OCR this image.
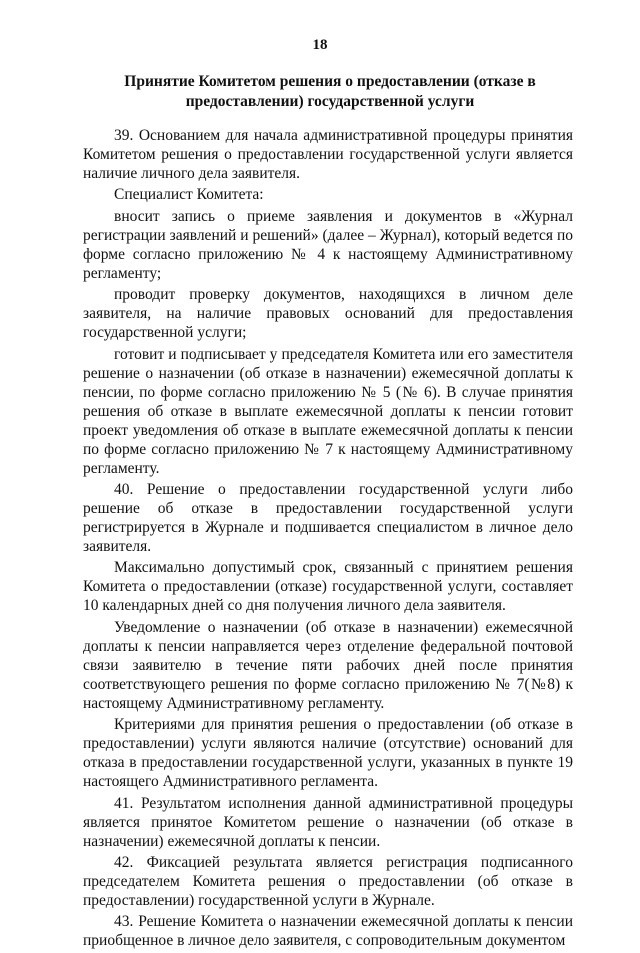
18
Принятие Комитетом решения о предоставлении (отказе в предоставлении) государственной услуги

39. Основанием для начала административной процедуры принятия Комитетом решения о предоставлении государственной услуги является наличие личного дела заявителя.

Специалист Комитета:

вносит запись о приеме заявления и документов в «Журнал регистрации заявлений и решений» (далее – Журнал), который ведется по форме согласно приложению № 4 к настоящему Административному регламенту;

проводит проверку документов, находящихся в личном деле заявителя, на наличие правовых оснований для предоставления государственной услуги;

готовит и подписывает у председателя Комитета или его заместителя решение о назначении (об отказе в назначении) ежемесячной доплаты к пенсии, по форме согласно приложению № 5 (№ 6). В случае принятия решения об отказе в выплате ежемесячной доплаты к пенсии готовит проект уведомления об отказе в выплате ежемесячной доплаты к пенсии по форме согласно приложению № 7 к настоящему Административному регламенту.

40. Решение о предоставлении государственной услуги либо решение об отказе в предоставлении государственной услуги регистрируется в Журнале и подшивается специалистом в личное дело заявителя.

Максимально допустимый срок, связанный с принятием решения Комитета о предоставлении (отказе) государственной услуги, составляет 10 календарных дней со дня получения личного дела заявителя.

Уведомление о назначении (об отказе в назначении) ежемесячной доплаты к пенсии направляется через отделение федеральной почтовой связи заявителю в течение пяти рабочих дней после принятия соответствующего решения по форме согласно приложению № 7(№8) к настоящему Административному регламенту.

Критериями для принятия решения о предоставлении (об отказе в предоставлении) услуги являются наличие (отсутствие) оснований для отказа в предоставлении государственной услуги, указанных в пункте 19 настоящего Административного регламента.

41. Результатом исполнения данной административной процедуры является принятое Комитетом решение о назначении (об отказе в назначении) ежемесячной доплаты к пенсии.

42. Фиксацией результата является регистрация подписанного председателем Комитета решения о предоставлении (об отказе в предоставлении) государственной услуги в Журнале.

43. Решение Комитета о назначении ежемесячной доплаты к пенсии приобщенное в личное дело заявителя, с сопроводительным документом
